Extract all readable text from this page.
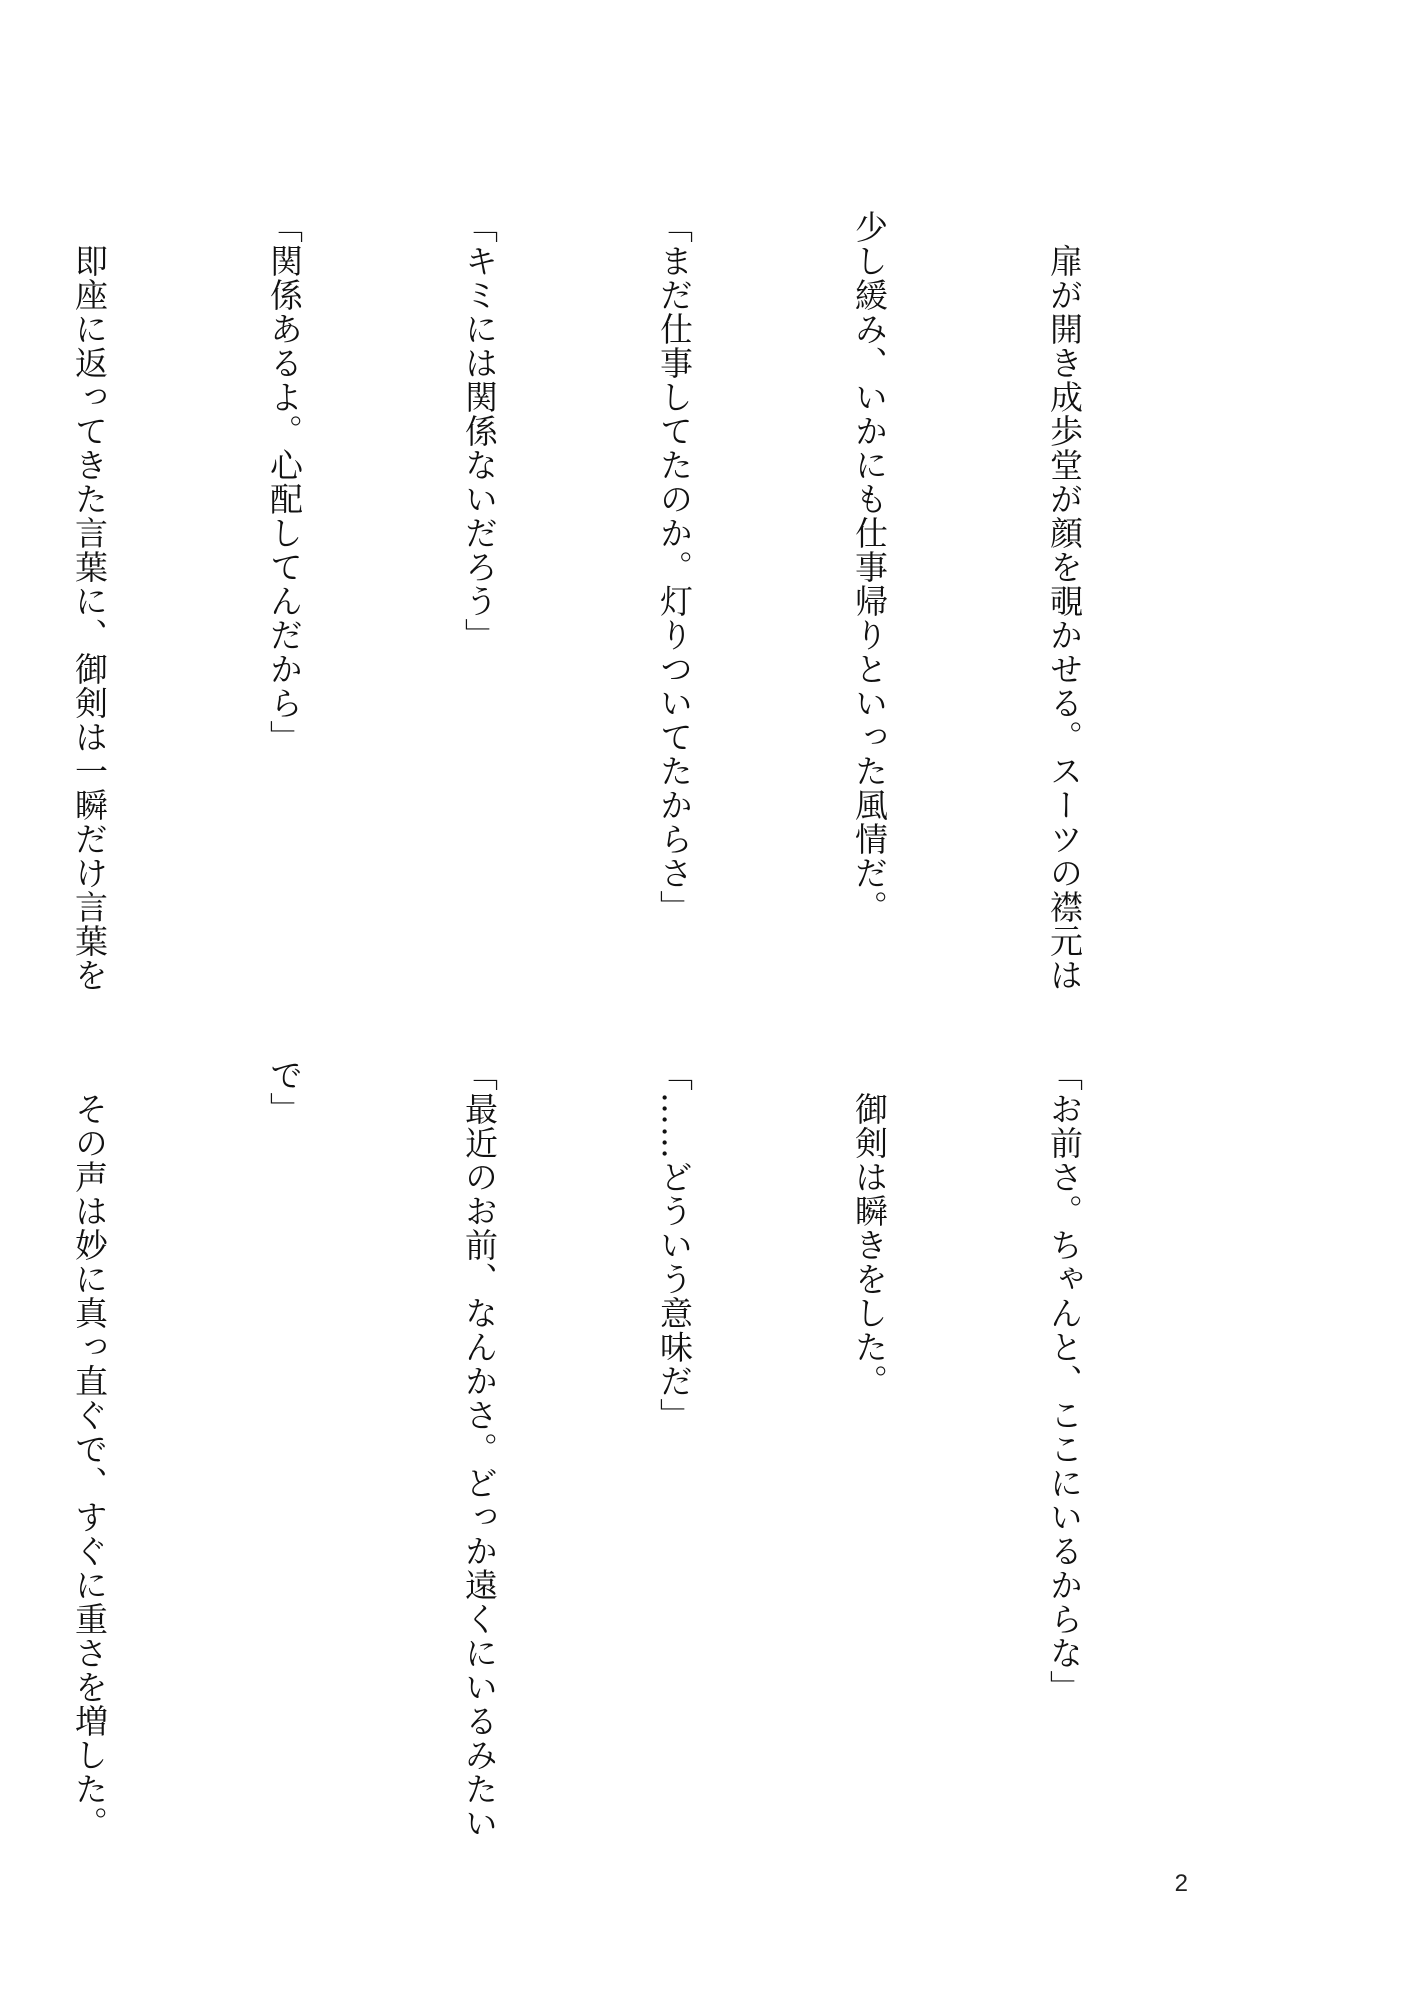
　扉が開き成歩堂が顔を覗かせる。スーツの襟元は

少し緩み、いかにも仕事帰りといった風情だ。

「まだ仕事してたのか。灯りついてたからさ」

「キミには関係ないだろう」

「関係あるよ。心配してんだから」

　即座に返ってきた言葉に、御剣は一瞬だけ言葉を

「お前さ。ちゃんと、ここにいるからな」

　御剣は瞬きをした。

「……どういう意味だ」

「最近のお前、なんかさ。どっか遠くにいるみたい

で」

　その声は妙に真っ直ぐで、すぐに重さを増した。

2
